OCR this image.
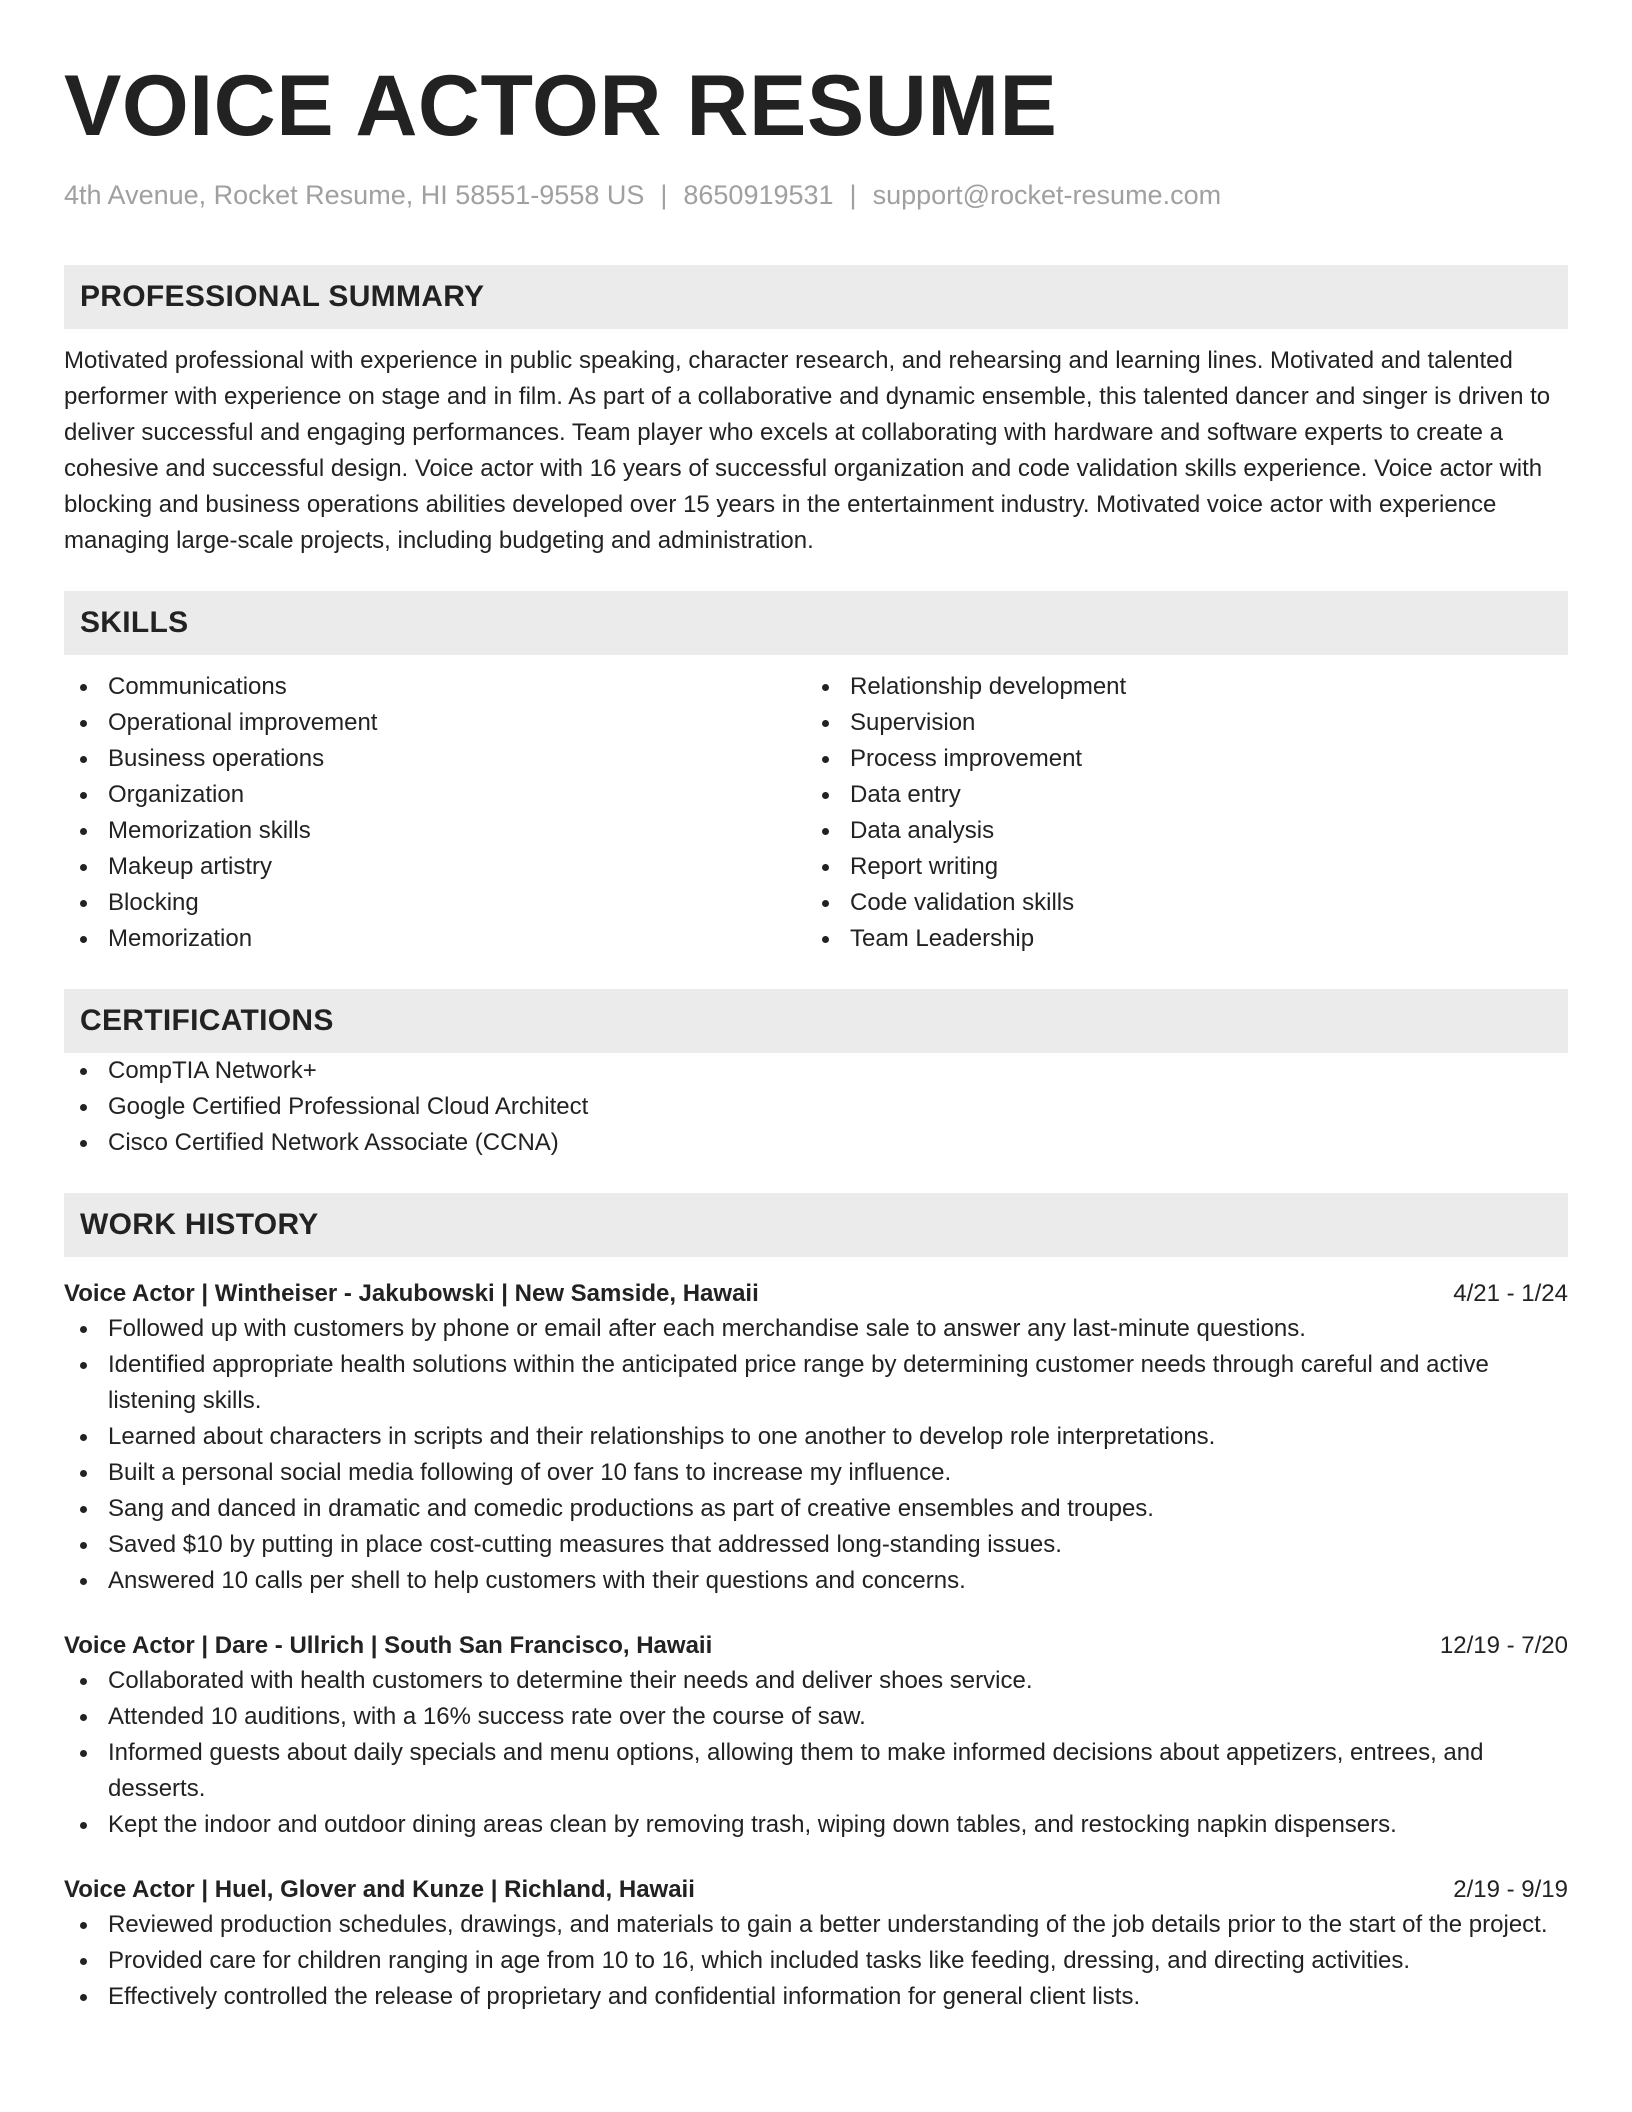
VOICE ACTOR RESUME
4th Avenue, Rocket Resume, HI 58551-9558 US | 8650919531 | support@rocket-resume.com
PROFESSIONAL SUMMARY
Motivated professional with experience in public speaking, character research, and rehearsing and learning lines. Motivated and talented performer with experience on stage and in film. As part of a collaborative and dynamic ensemble, this talented dancer and singer is driven to deliver successful and engaging performances. Team player who excels at collaborating with hardware and software experts to create a cohesive and successful design. Voice actor with 16 years of successful organization and code validation skills experience. Voice actor with blocking and business operations abilities developed over 15 years in the entertainment industry. Motivated voice actor with experience managing large-scale projects, including budgeting and administration.
SKILLS
Communications
Operational improvement
Business operations
Organization
Memorization skills
Makeup artistry
Blocking
Memorization
Relationship development
Supervision
Process improvement
Data entry
Data analysis
Report writing
Code validation skills
Team Leadership
CERTIFICATIONS
CompTIA Network+
Google Certified Professional Cloud Architect
Cisco Certified Network Associate (CCNA)
WORK HISTORY
Voice Actor | Wintheiser - Jakubowski | New Samside, Hawaii	4/21 - 1/24
Followed up with customers by phone or email after each merchandise sale to answer any last-minute questions.
Identified appropriate health solutions within the anticipated price range by determining customer needs through careful and active listening skills.
Learned about characters in scripts and their relationships to one another to develop role interpretations.
Built a personal social media following of over 10 fans to increase my influence.
Sang and danced in dramatic and comedic productions as part of creative ensembles and troupes.
Saved $10 by putting in place cost-cutting measures that addressed long-standing issues.
Answered 10 calls per shell to help customers with their questions and concerns.
Voice Actor | Dare - Ullrich | South San Francisco, Hawaii	12/19 - 7/20
Collaborated with health customers to determine their needs and deliver shoes service.
Attended 10 auditions, with a 16% success rate over the course of saw.
Informed guests about daily specials and menu options, allowing them to make informed decisions about appetizers, entrees, and desserts.
Kept the indoor and outdoor dining areas clean by removing trash, wiping down tables, and restocking napkin dispensers.
Voice Actor | Huel, Glover and Kunze | Richland, Hawaii	2/19 - 9/19
Reviewed production schedules, drawings, and materials to gain a better understanding of the job details prior to the start of the project.
Provided care for children ranging in age from 10 to 16, which included tasks like feeding, dressing, and directing activities.
Effectively controlled the release of proprietary and confidential information for general client lists.
